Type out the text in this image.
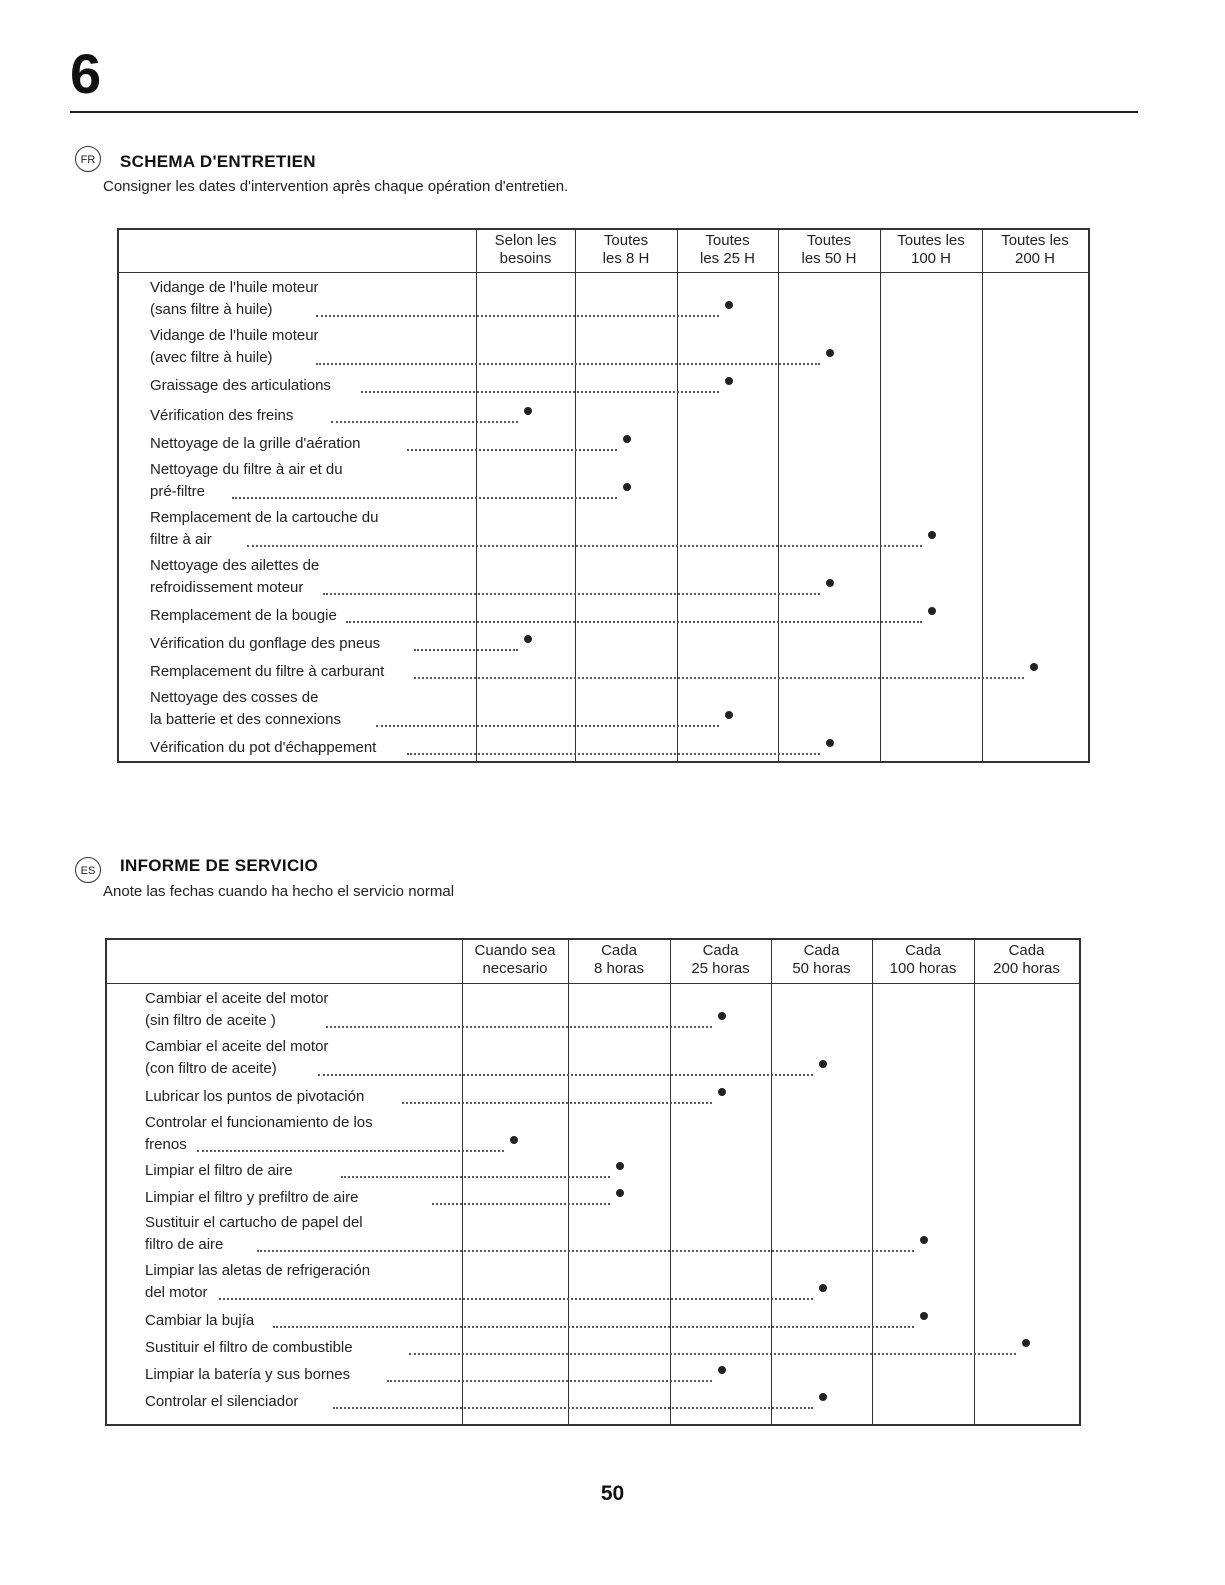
6
FR	SCHEMA D'ENTRETIEN
Consigner les dates d'intervention après chaque opération d'entretien.
Selon les
besoins
Toutes
les 8 H
Toutes
les 25 H
Toutes
les 50 H
Toutes les
100 H
Toutes les
200 H
Vidange de l'huile moteur
(sans filtre à huile)
Vidange de l'huile moteur
(avec filtre à huile)
Graissage des articulations
Vérification des freins
Nettoyage de la grille d'aération
Nettoyage du filtre à air et du
pré-filtre
Remplacement de la cartouche du
filtre à air
Nettoyage des ailettes de
refroidissement moteur
Remplacement de la bougie
Vérification du gonflage des pneus
Remplacement du filtre à carburant
Nettoyage des cosses de
la batterie et des connexions
Vérification du pot d'échappement
ES	INFORME DE SERVICIO
Anote las fechas cuando ha hecho el servicio normal
Cuando sea
necesario
Cada
8 horas
Cada
25 horas
Cada
50 horas
Cada
100 horas
Cada
200 horas
Cambiar el aceite del motor
(sin filtro de aceite )
Cambiar el aceite del motor
(con filtro de aceite)
Lubricar los puntos de pivotación
Controlar el funcionamiento de los
frenos
Limpiar el filtro de aire
Limpiar el filtro y prefiltro de aire
Sustituir el cartucho de papel del
filtro de aire
Limpiar las aletas de refrigeración
del motor
Cambiar la bujía
Sustituir el filtro de combustible
Limpiar la batería y sus bornes
Controlar el silenciador
50
